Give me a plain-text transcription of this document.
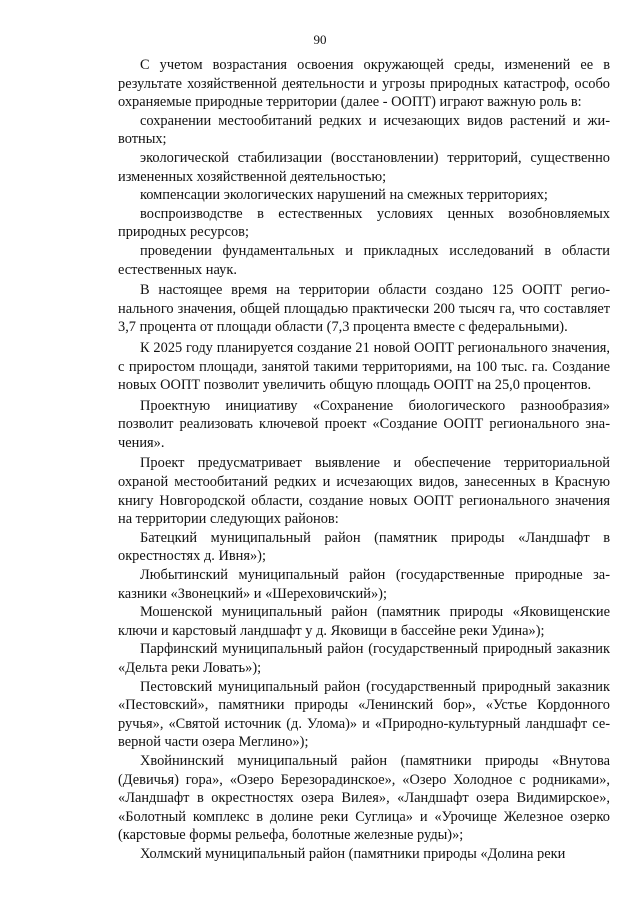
90

С учетом возрастания освоения окружающей среды, изменений ее в результате хозяйственной деятельности и угрозы природных катастроф, особо охраняемые природные территории (далее - ООПТ) играют важную роль в:

сохранении местообитаний редких и исчезающих видов растений и животных;

экологической стабилизации (восстановлении) территорий, существенно измененных хозяйственной деятельностью;

компенсации экологических нарушений на смежных территориях;

воспроизводстве в естественных условиях ценных возобновляемых природных ресурсов;

проведении фундаментальных и прикладных исследований в области естественных наук.

В настоящее время на территории области создано 125 ООПТ регионального значения, общей площадью практически 200 тысяч га, что составляет 3,7 процента от площади области (7,3 процента вместе с федеральными).

К 2025 году планируется создание 21 новой ООПТ регионального значения, с приростом площади, занятой такими территориями, на 100 тыс. га. Создание новых ООПТ позволит увеличить общую площадь ООПТ на 25,0 процентов.

Проектную инициативу «Сохранение биологического разнообразия» позволит реализовать ключевой проект «Создание ООПТ регионального значения».

Проект предусматривает выявление и обеспечение территориальной охраной местообитаний редких и исчезающих видов, занесенных в Красную книгу Новгородской области, создание новых ООПТ регионального значения на территории следующих районов:

Батецкий муниципальный район (памятник природы «Ландшафт в окрестностях д. Ивня»);

Любытинский муниципальный район (государственные природные заказники «Звонецкий» и «Шереховичский»);

Мошенской муниципальный район (памятник природы «Яковищенские ключи и карстовый ландшафт у д. Яковищи в бассейне реки Удина»);

Парфинский муниципальный район (государственный природный заказник «Дельта реки Ловать»);

Пестовский муниципальный район (государственный природный заказник «Пестовский», памятники природы «Ленинский бор», «Устье Кордонного ручья», «Святой источник (д. Улома)» и «Природно-культурный ландшафт северной части озера Меглино»);

Хвойнинский муниципальный район (памятники природы «Внутова (Девичья) гора», «Озеро Березорадинское», «Озеро Холодное с родниками», «Ландшафт в окрестностях озера Вилея», «Ландшафт озера Видимирское», «Болотный комплекс в долине реки Суглица» и «Урочище Железное озерко (карстовые формы рельефа, болотные железные руды)»;

Холмский муниципальный район (памятники природы «Долина реки
